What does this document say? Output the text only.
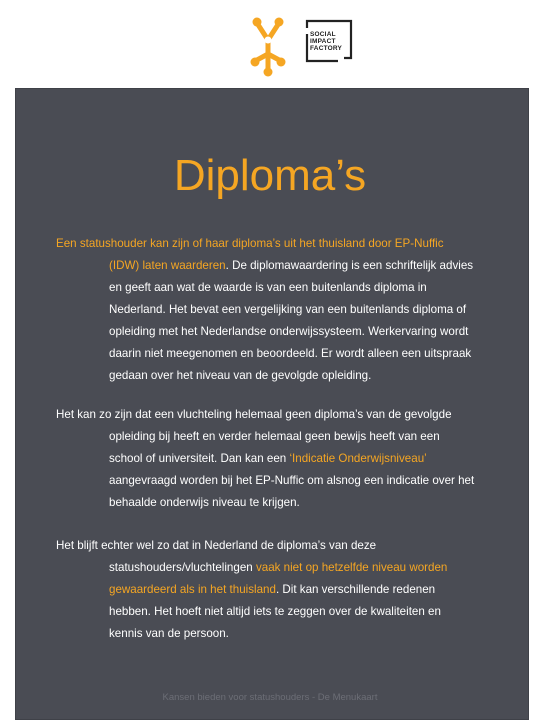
SOCIAL
IMPACT
FACTORY
Diploma’s
Een statushouder kan zijn of haar diploma’s uit het thuisland door EP-Nuffic
(IDW) laten waarderen. De diplomawaardering is een schriftelijk advies
en geeft aan wat de waarde is van een buitenlands diploma in
Nederland. Het bevat een vergelijking van een buitenlands diploma of
opleiding met het Nederlandse onderwijssysteem. Werkervaring wordt
daarin niet meegenomen en beoordeeld. Er wordt alleen een uitspraak
gedaan over het niveau van de gevolgde opleiding.
Het kan zo zijn dat een vluchteling helemaal geen diploma’s van de gevolgde
opleiding bij heeft en verder helemaal geen bewijs heeft van een
school of universiteit. Dan kan een ‘Indicatie Onderwijsniveau’
aangevraagd worden bij het EP-Nuffic om alsnog een indicatie over het
behaalde onderwijs niveau te krijgen.
Het blijft echter wel zo dat in Nederland de diploma’s van deze
statushouders/vluchtelingen vaak niet op hetzelfde niveau worden
gewaardeerd als in het thuisland. Dit kan verschillende redenen
hebben. Het hoeft niet altijd iets te zeggen over de kwaliteiten en
kennis van de persoon.
Kansen bieden voor statushouders - De Menukaart
